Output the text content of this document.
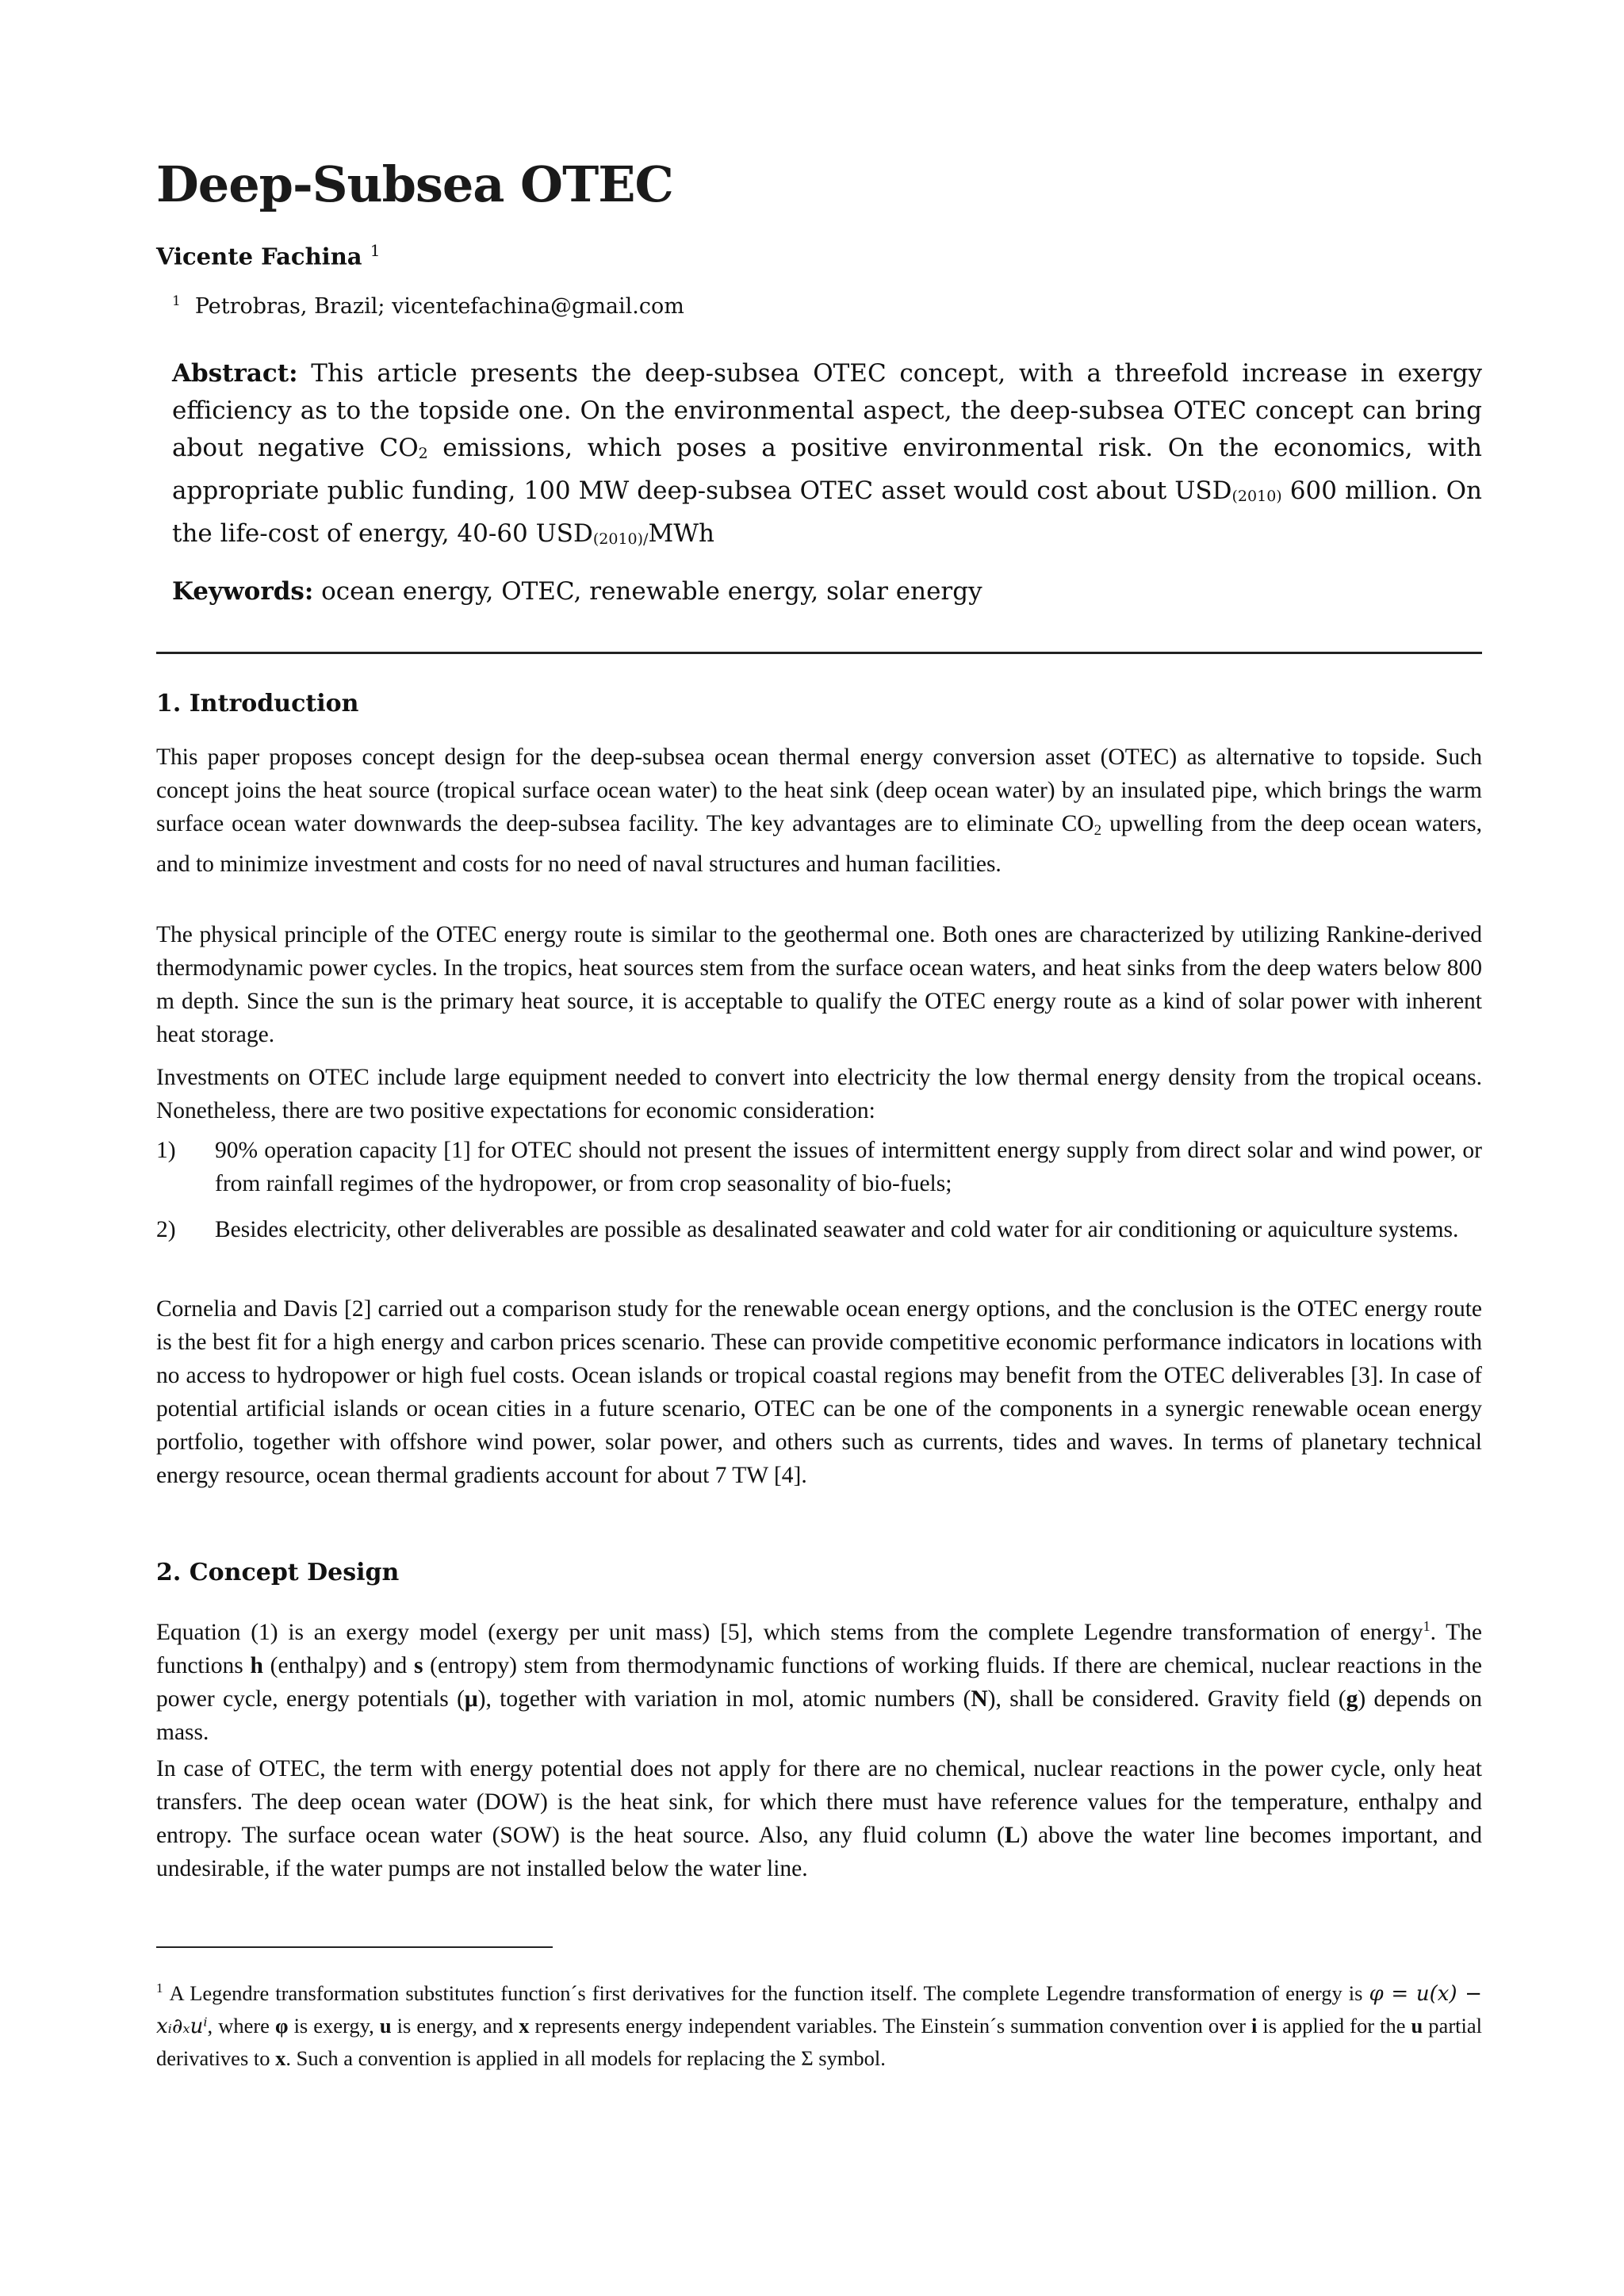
Deep-Subsea OTEC
Vicente Fachina $^1$
$^1$ Petrobras, Brazil; vicentefachina@gmail.com
Abstract: This article presents the deep-subsea OTEC concept, with a threefold increase in exergy efficiency as to the topside one. On the environmental aspect, the deep-subsea OTEC concept can bring about negative $CO_2$ emissions, which poses a positive environmental risk. On the economics, with appropriate public funding, 100 MW deep-subsea OTEC asset would cost about $USD_{(2010)}$ 600 million. On the life-cost of energy, 40-60 $USD_{(2010)/}MWh$
Keywords: ocean energy, OTEC, renewable energy, solar energy
1. Introduction
This paper proposes concept design for the deep-subsea ocean thermal energy conversion asset (OTEC) as alternative to topside. Such concept joins the heat source (tropical surface ocean water) to the heat sink (deep ocean water) by an insulated pipe, which brings the warm surface ocean water downwards the deep-subsea facility. The key advantages are to eliminate $CO_2$ upwelling from the deep ocean waters, and to minimize investment and costs for no need of naval structures and human facilities.
The physical principle of the OTEC energy route is similar to the geothermal one. Both ones are characterized by utilizing Rankine-derived thermodynamic power cycles. In the tropics, heat sources stem from the surface ocean waters, and heat sinks from the deep waters below 800 m depth. Since the sun is the primary heat source, it is acceptable to qualify the OTEC energy route as a kind of solar power with inherent heat storage.
Investments on OTEC include large equipment needed to convert into electricity the low thermal energy density from the tropical oceans. Nonetheless, there are two positive expectations for economic consideration:
1) 90% operation capacity [1] for OTEC should not present the issues of intermittent energy supply from direct solar and wind power, or from rainfall regimes of the hydropower, or from crop seasonality of bio-fuels;
2) Besides electricity, other deliverables are possible as desalinated seawater and cold water for air conditioning or aquiculture systems.
Cornelia and Davis [2] carried out a comparison study for the renewable ocean energy options, and the conclusion is the OTEC energy route is the best fit for a high energy and carbon prices scenario. These can provide competitive economic performance indicators in locations with no access to hydropower or high fuel costs. Ocean islands or tropical coastal regions may benefit from the OTEC deliverables [3]. In case of potential artificial islands or ocean cities in a future scenario, OTEC can be one of the components in a synergic renewable ocean energy portfolio, together with offshore wind power, solar power, and others such as currents, tides and waves. In terms of planetary technical energy resource, ocean thermal gradients account for about 7 TW [4].
2. Concept Design
Equation (1) is an exergy model (exergy per unit mass) [5], which stems from the complete Legendre transformation of energy$^1$. The functions h (enthalpy) and s (entropy) stem from thermodynamic functions of working fluids. If there are chemical, nuclear reactions in the power cycle, energy potentials (μ), together with variation in mol, atomic numbers (N), shall be considered. Gravity field (g) depends on mass.
In case of OTEC, the term with energy potential does not apply for there are no chemical, nuclear reactions in the power cycle, only heat transfers. The deep ocean water (DOW) is the heat sink, for which there must have reference values for the temperature, enthalpy and entropy. The surface ocean water (SOW) is the heat source. Also, any fluid column (L) above the water line becomes important, and undesirable, if the water pumps are not installed below the water line.
$^1$ A Legendre transformation substitutes function´s first derivatives for the function itself. The complete Legendre transformation of energy is φ = u(x) − xᵢ∂ₓuⁱ, where φ is exergy, u is energy, and x represents energy independent variables. The Einstein´s summation convention over i is applied for the u partial derivatives to x. Such a convention is applied in all models for replacing the Σ symbol.
